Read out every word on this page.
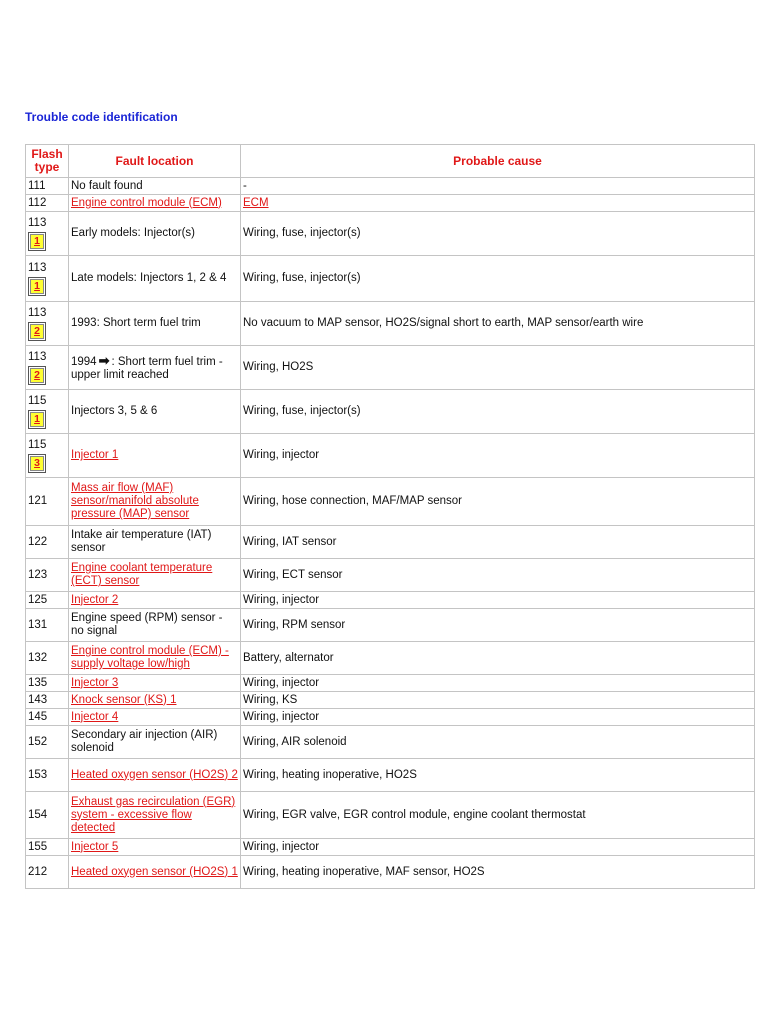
Trouble code identification
Flash type	Fault location	Probable cause

111	No fault found	-

112	Engine control module (ECM)	ECM

113
1	Early models: Injector(s)	Wiring, fuse, injector(s)

113
1	Late models: Injectors 1, 2 & 4	Wiring, fuse, injector(s)

113
2	1993: Short term fuel trim	No vacuum to MAP sensor, HO2S/signal short to earth, MAP sensor/earth wire

113
2	1994 ➡ : Short term fuel trim - upper limit reached	Wiring, HO2S

115
1	Injectors 3, 5 & 6	Wiring, fuse, injector(s)

115
3	Injector 1	Wiring, injector

121	Mass air flow (MAF) sensor/manifold absolute pressure (MAP) sensor	Wiring, hose connection, MAF/MAP sensor

122	Intake air temperature (IAT) sensor	Wiring, IAT sensor

123	Engine coolant temperature (ECT) sensor	Wiring, ECT sensor

125	Injector 2	Wiring, injector

131	Engine speed (RPM) sensor - no signal	Wiring, RPM sensor

132	Engine control module (ECM) - supply voltage low/high	Battery, alternator

135	Injector 3	Wiring, injector

143	Knock sensor (KS) 1	Wiring, KS

145	Injector 4	Wiring, injector

152	Secondary air injection (AIR) solenoid	Wiring, AIR solenoid

153	Heated oxygen sensor (HO2S) 2	Wiring, heating inoperative, HO2S

154	Exhaust gas recirculation (EGR) system - excessive flow detected	Wiring, EGR valve, EGR control module, engine coolant thermostat

155	Injector 5	Wiring, injector

212	Heated oxygen sensor (HO2S) 1	Wiring, heating inoperative, MAF sensor, HO2S
